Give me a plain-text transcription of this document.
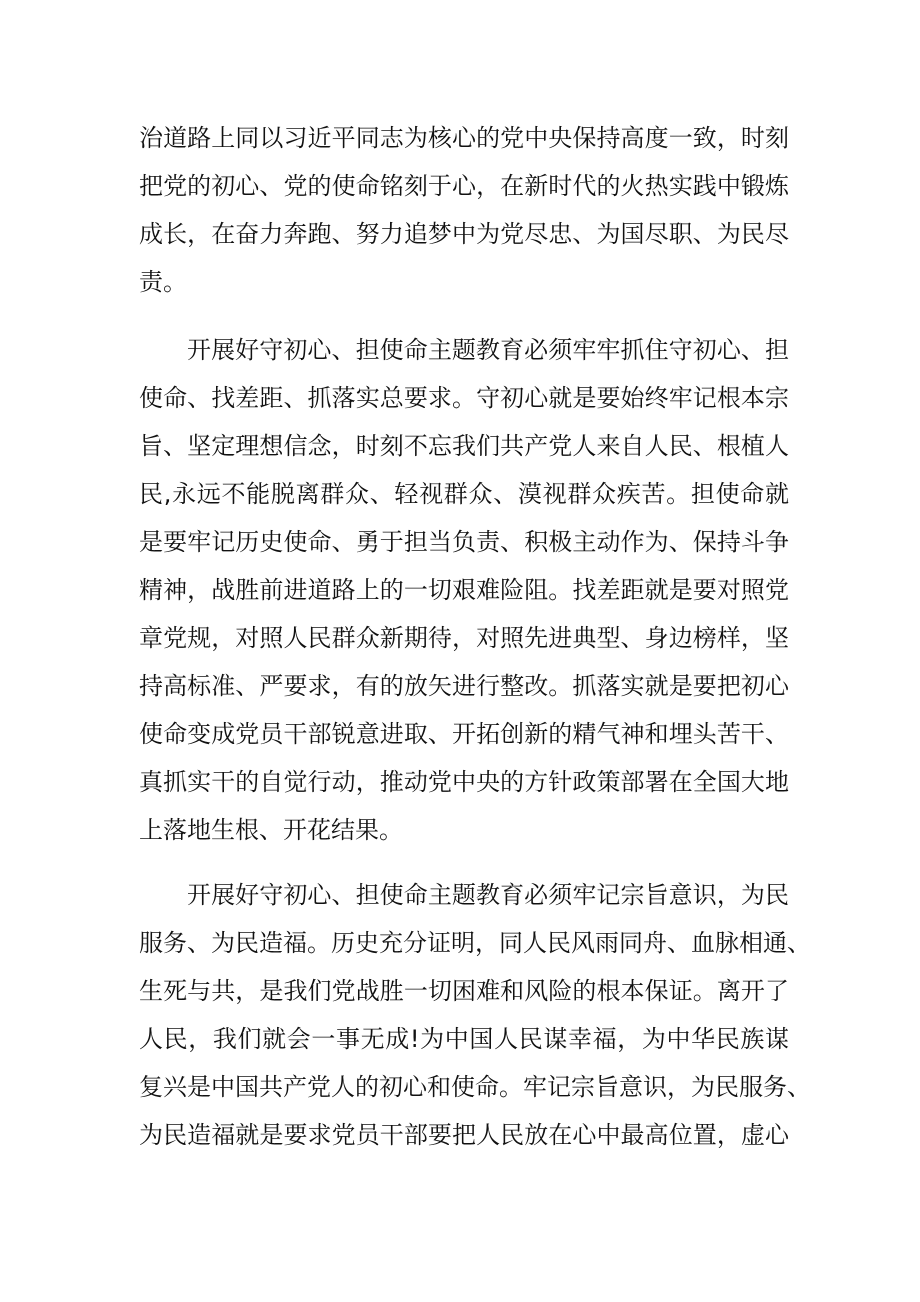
治道路上同以习近平同志为核心的党中央保持高度一致，时刻
把党的初心、党的使命铭刻于心，在新时代的火热实践中锻炼
成长，在奋力奔跑、努力追梦中为党尽忠、为国尽职、为民尽
责。
开展好守初心、担使命主题教育必须牢牢抓住守初心、担
使命、找差距、抓落实总要求。守初心就是要始终牢记根本宗
旨、坚定理想信念，时刻不忘我们共产党人来自人民、根植人
民,永远不能脱离群众、轻视群众、漠视群众疾苦。担使命就
是要牢记历史使命、勇于担当负责、积极主动作为、保持斗争
精神，战胜前进道路上的一切艰难险阻。找差距就是要对照党
章党规，对照人民群众新期待，对照先进典型、身边榜样，坚
持高标准、严要求，有的放矢进行整改。抓落实就是要把初心
使命变成党员干部锐意进取、开拓创新的精气神和埋头苦干、
真抓实干的自觉行动，推动党中央的方针政策部署在全国大地
上落地生根、开花结果。
开展好守初心、担使命主题教育必须牢记宗旨意识，为民
服务、为民造福。历史充分证明，同人民风雨同舟、血脉相通、
生死与共，是我们党战胜一切困难和风险的根本保证。离开了
人民，我们就会一事无成!为中国人民谋幸福，为中华民族谋
复兴是中国共产党人的初心和使命。牢记宗旨意识，为民服务、
为民造福就是要求党员干部要把人民放在心中最高位置，虚心
